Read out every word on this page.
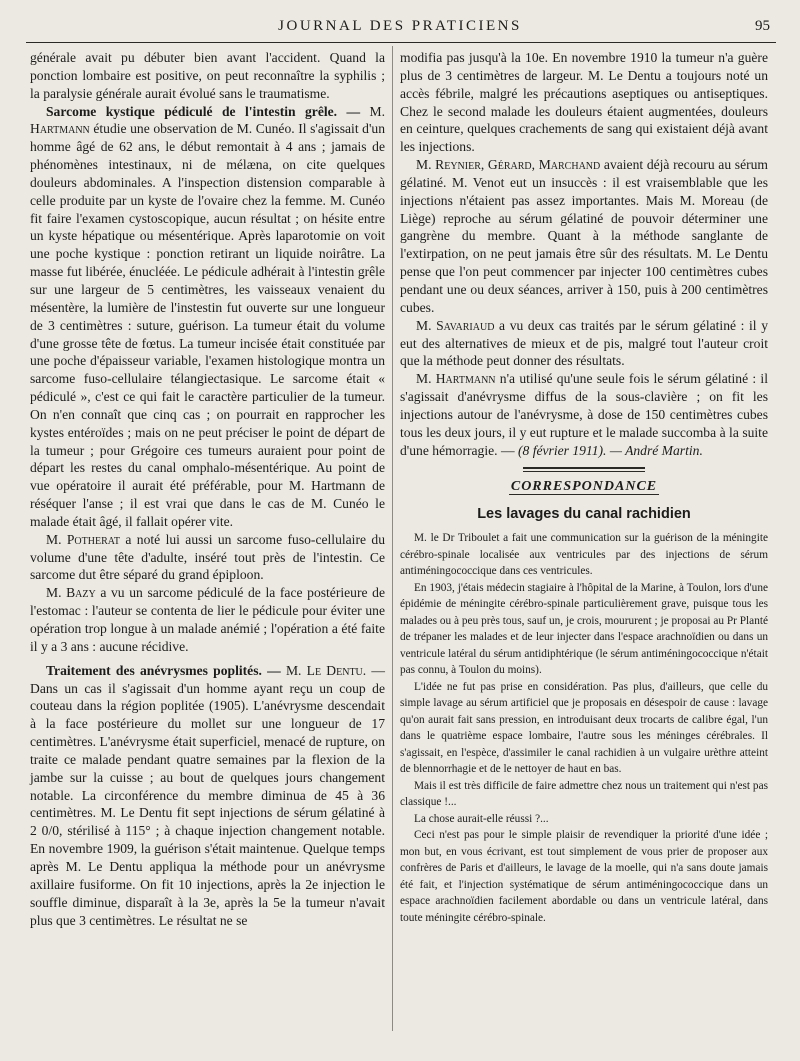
JOURNAL DES PRATICIENS	95

générale avait pu débuter bien avant l'accident. Quand la ponction lombaire est positive, on peut reconnaître la syphilis ; la paralysie générale aurait évolué sans le traumatisme.

Sarcome kystique pédiculé de l'intestin grêle. — M. Hartmann étudie une observation de M. Cunéo. Il s'agissait d'un homme âgé de 62 ans, le début remontait à 4 ans ; jamais de phénomènes intestinaux, ni de mélæna, on cite quelques douleurs abdominales. A l'inspection distension comparable à celle produite par un kyste de l'ovaire chez la femme. M. Cunéo fit faire l'examen cystoscopique, aucun résultat ; on hésite entre un kyste hépatique ou mésentérique. Après laparotomie on voit une poche kystique : ponction retirant un liquide noirâtre. La masse fut libérée, énucléée. Le pédicule adhérait à l'intestin grêle sur une largeur de 5 centimètres, les vaisseaux venaient du mésentère, la lumière de l'instestin fut ouverte sur une longueur de 3 centimètres : suture, guérison. La tumeur était du volume d'une grosse tête de fœtus. La tumeur incisée était constituée par une poche d'épaisseur variable, l'examen histologique montra un sarcome fuso-cellulaire télangiectasique. Le sarcome était « pédiculé », c'est ce qui fait le caractère particulier de la tumeur. On n'en connaît que cinq cas ; on pourrait en rapprocher les kystes entéroïdes ; mais on ne peut préciser le point de départ de la tumeur ; pour Grégoire ces tumeurs auraient pour point de départ les restes du canal omphalo-mésentérique. Au point de vue opératoire il aurait été préférable, pour M. Hartmann de réséquer l'anse ; il est vrai que dans le cas de M. Cunéo le malade était âgé, il fallait opérer vite.

M. Potherat a noté lui aussi un sarcome fuso-cellulaire du volume d'une tête d'adulte, inséré tout près de l'intestin. Ce sarcome dut être séparé du grand épiploon.

M. Bazy a vu un sarcome pédiculé de la face postérieure de l'estomac : l'auteur se contenta de lier le pédicule pour éviter une opération trop longue à un malade anémié ; l'opération a été faite il y a 3 ans : aucune récidive.

Traitement des anévrysmes poplités. — M. Le Dentu. — Dans un cas il s'agissait d'un homme ayant reçu un coup de couteau dans la région poplitée (1905). L'anévrysme descendait à la face postérieure du mollet sur une longueur de 17 centimètres. L'anévrysme était superficiel, menacé de rupture, on traite ce malade pendant quatre semaines par la flexion de la jambe sur la cuisse ; au bout de quelques jours changement notable. La circonférence du membre diminua de 45 à 36 centimètres. M. Le Dentu fit sept injections de sérum gélatiné à 2 0/0, stérilisé à 115° ; à chaque injection changement notable. En novembre 1909, la guérison s'était maintenue. Quelque temps après M. Le Dentu appliqua la méthode pour un anévrysme axillaire fusiforme. On fit 10 injections, après la 2e injection le souffle diminue, disparaît à la 3e, après la 5e la tumeur n'avait plus que 3 centimètres. Le résultat ne se

modifia pas jusqu'à la 10e. En novembre 1910 la tumeur n'a guère plus de 3 centimètres de largeur. M. Le Dentu a toujours noté un accès fébrile, malgré les précautions aseptiques ou antiseptiques. Chez le second malade les douleurs étaient augmentées, douleurs en ceinture, quelques crachements de sang qui existaient déjà avant les injections.

M. Reynier, Gérard, Marchand avaient déjà recouru au sérum gélatiné. M. Venot eut un insuccès : il est vraisemblable que les injections n'étaient pas assez importantes. Mais M. Moreau (de Liège) reproche au sérum gélatiné de pouvoir déterminer une gangrène du membre. Quant à la méthode sanglante de l'extirpation, on ne peut jamais être sûr des résultats. M. Le Dentu pense que l'on peut commencer par injecter 100 centimètres cubes pendant une ou deux séances, arriver à 150, puis à 200 centimètres cubes.

M. Savariaud a vu deux cas traités par le sérum gélatiné : il y eut des alternatives de mieux et de pis, malgré tout l'auteur croit que la méthode peut donner des résultats.

M. Hartmann n'a utilisé qu'une seule fois le sérum gélatiné : il s'agissait d'anévrysme diffus de la sous-clavière ; on fit les injections autour de l'anévrysme, à dose de 150 centimètres cubes tous les deux jours, il y eut rupture et le malade succomba à la suite d'une hémorragie. — (8 février 1911). — André Martin.

CORRESPONDANCE
Les lavages du canal rachidien

M. le Dr Triboulet a fait une communication sur la guérison de la méningite cérébro-spinale localisée aux ventricules par des injections de sérum antiméningococcique dans ces ventricules.

En 1903, j'étais médecin stagiaire à l'hôpital de la Marine, à Toulon, lors d'une épidémie de méningite cérébro-spinale particulièrement grave, puisque tous les malades ou à peu près tous, sauf un, je crois, moururent ; je proposai au Pr Planté de trépaner les malades et de leur injecter dans l'espace arachnoïdien ou dans un ventricule latéral du sérum antidiphtérique (le sérum antiméningococcique n'était pas connu, à Toulon du moins).

L'idée ne fut pas prise en considération. Pas plus, d'ailleurs, que celle du simple lavage au sérum artificiel que je proposais en désespoir de cause : lavage qu'on aurait fait sans pression, en introduisant deux trocarts de calibre égal, l'un dans le quatrième espace lombaire, l'autre sous les méninges cérébrales. Il s'agissait, en l'espèce, d'assimiler le canal rachidien à un vulgaire urèthre atteint de blennorrhagie et de le nettoyer de haut en bas.

Mais il est très difficile de faire admettre chez nous un traitement qui n'est pas classique !...

La chose aurait-elle réussi ?...

Ceci n'est pas pour le simple plaisir de revendiquer la priorité d'une idée ; mon but, en vous écrivant, est tout simplement de vous prier de proposer aux confrères de Paris et d'ailleurs, le lavage de la moelle, qui n'a sans doute jamais été fait, et l'injection systématique de sérum antiméningococcique dans un espace arachnoïdien facilement abordable ou dans un ventricule latéral, dans toute méningite cérébro-spinale.
